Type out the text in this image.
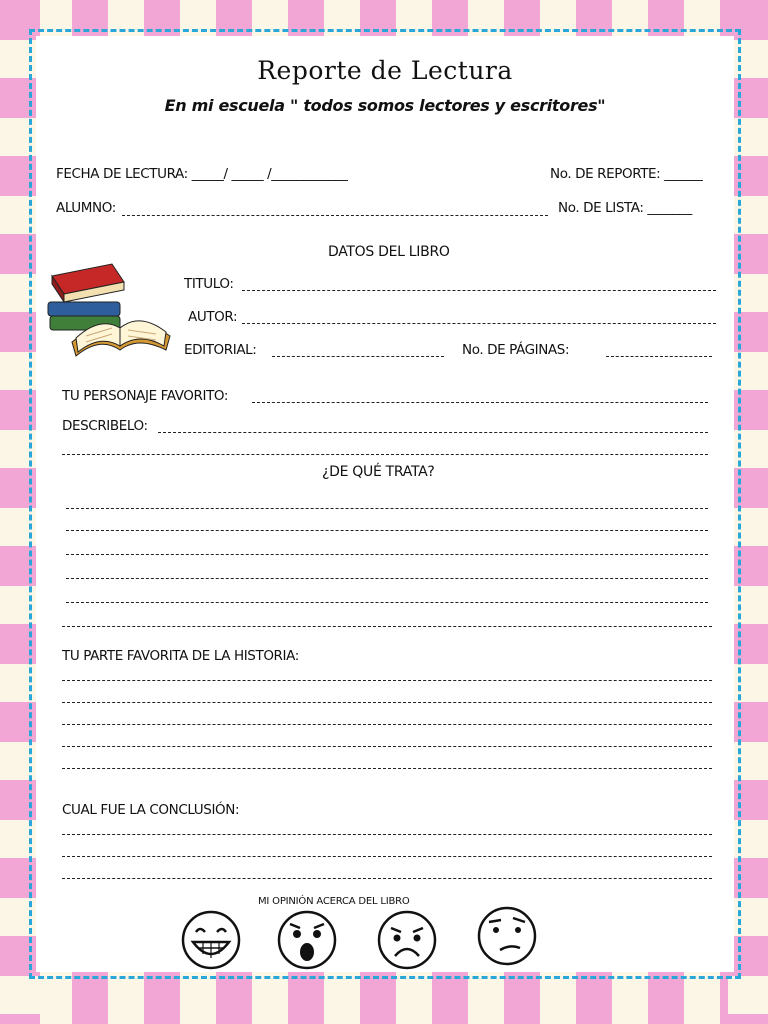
Reporte de Lectura
En mi escuela " todos somos lectores y escritores"
FECHA DE LECTURA: _____/ _____ /____________	No. DE REPORTE: ______
ALUMNO:	No. DE LISTA: _______
DATOS DEL LIBRO
TITULO:
AUTOR:
EDITORIAL:	No. DE PÁGINAS:
TU PERSONAJE FAVORITO:
DESCRIBELO:
¿DE QUÉ TRATA?
TU PARTE FAVORITA DE LA HISTORIA:
CUAL FUE LA CONCLUSIÓN:
MI OPINIÓN ACERCA DEL LIBRO
